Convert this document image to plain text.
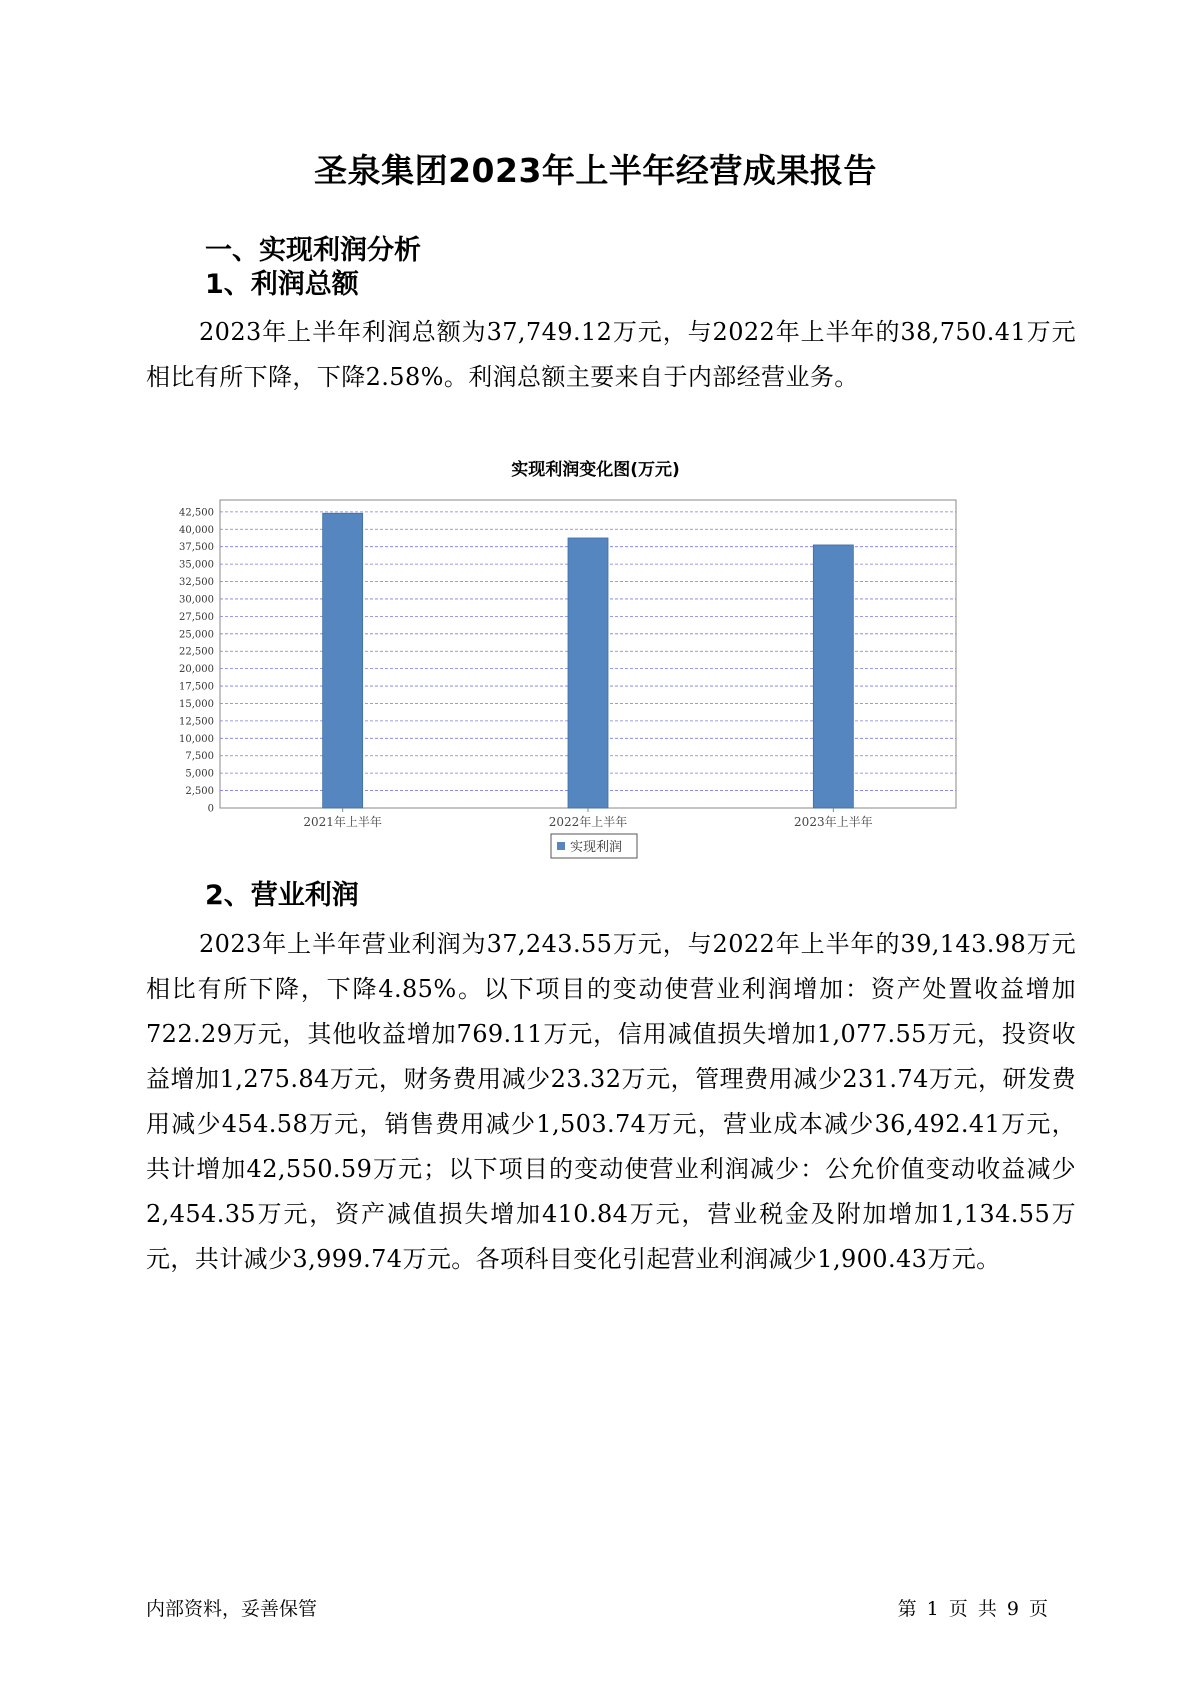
圣泉集团2023年上半年经营成果报告
一、实现利润分析
1、利润总额
2023年上半年利润总额为37,749.12万元，与2022年上半年的38,750.41万元相比有所下降，下降2.58%。利润总额主要来自于内部经营业务。
实现利润变化图(万元)
0
2,500
5,000
7,500
10,000
12,500
15,000
17,500
20,000
22,500
25,000
27,500
30,000
32,500
35,000
37,500
40,000
42,500
2021年上半年	2022年上半年	2023年上半年
实现利润
2、营业利润
2023年上半年营业利润为37,243.55万元，与2022年上半年的39,143.98万元相比有所下降，下降4.85%。以下项目的变动使营业利润增加：资产处置收益增加722.29万元，其他收益增加769.11万元，信用减值损失增加1,077.55万元，投资收益增加1,275.84万元，财务费用减少23.32万元，管理费用减少231.74万元，研发费用减少454.58万元，销售费用减少1,503.74万元，营业成本减少36,492.41万元，共计增加42,550.59万元；以下项目的变动使营业利润减少：公允价值变动收益减少2,454.35万元，资产减值损失增加410.84万元，营业税金及附加增加1,134.55万元，共计减少3,999.74万元。各项科目变化引起营业利润减少1,900.43万元。
内部资料，妥善保管	第 1 页 共 9 页
